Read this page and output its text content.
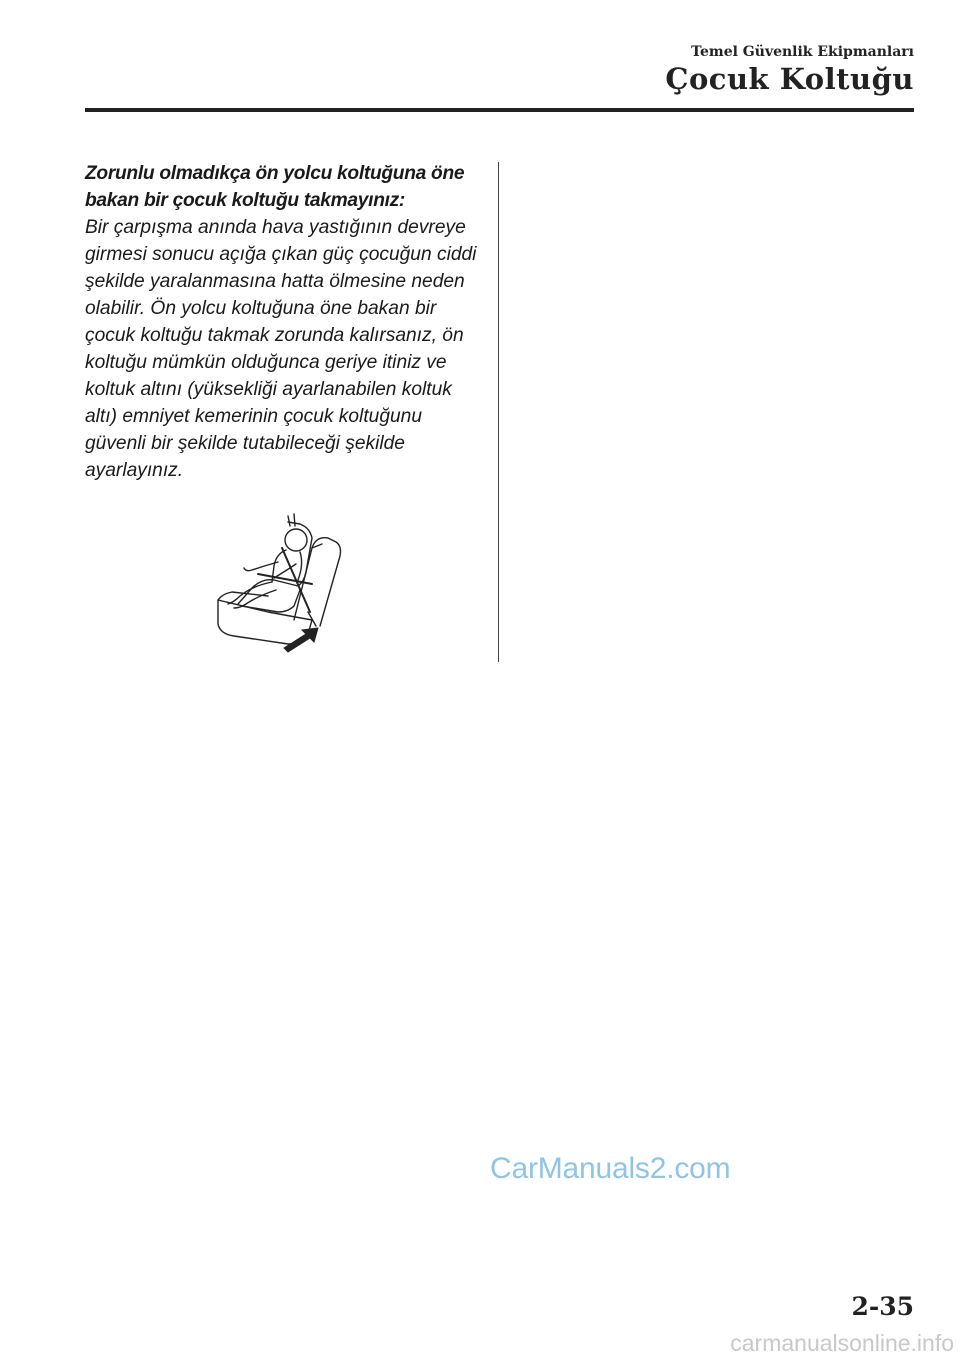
Temel Güvenlik Ekipmanları
Çocuk Koltuğu
Zorunlu olmadıkça ön yolcu koltuğuna öne bakan bir çocuk koltuğu takmayınız:
Bir çarpışma anında hava yastığının devreye girmesi sonucu açığa çıkan güç çocuğun ciddi şekilde yaralanmasına hatta ölmesine neden olabilir. Ön yolcu koltuğuna öne bakan bir çocuk koltuğu takmak zorunda kalırsanız, ön koltuğu mümkün olduğunca geriye itiniz ve koltuk altını (yüksekliği ayarlanabilen koltuk altı) emniyet kemerinin çocuk koltuğunu güvenli bir şekilde tutabileceği şekilde ayarlayınız.
CarManuals2.com
2-35
carmanualsonline.info
